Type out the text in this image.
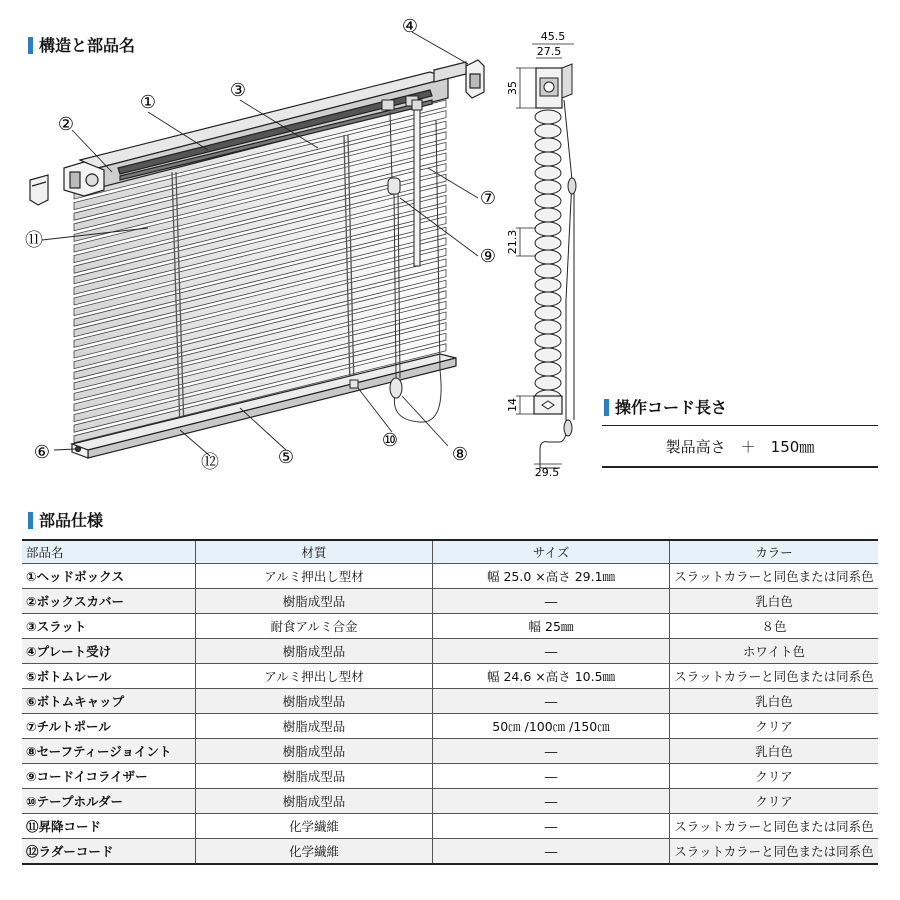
構造と部品名
操作コード長さ
部品仕様
①
②
③
④
⑤
⑥
⑦
⑧
⑨
⑩
⑪
⑫
45.5
27.5
35
21.3
14
29.5
製品高さ　＋　150㎜
部品名	材質	サイズ	カラー
①ヘッドボックス	アルミ押出し型材	幅 25.0 ×高さ 29.1㎜	スラットカラーと同色または同系色
②ボックスカバー	樹脂成型品	―	乳白色
③スラット	耐食アルミ合金	幅 25㎜	８色
④プレート受け	樹脂成型品	―	ホワイト色
⑤ボトムレール	アルミ押出し型材	幅 24.6 ×高さ 10.5㎜	スラットカラーと同色または同系色
⑥ボトムキャップ	樹脂成型品	―	乳白色
⑦チルトポール	樹脂成型品	50㎝ /100㎝ /150㎝	クリア
⑧セーフティージョイント	樹脂成型品	―	乳白色
⑨コードイコライザー	樹脂成型品	―	クリア
⑩テープホルダー	樹脂成型品	―	クリア
⑪昇降コード	化学繊維	―	スラットカラーと同色または同系色
⑫ラダーコード	化学繊維	―	スラットカラーと同色または同系色
